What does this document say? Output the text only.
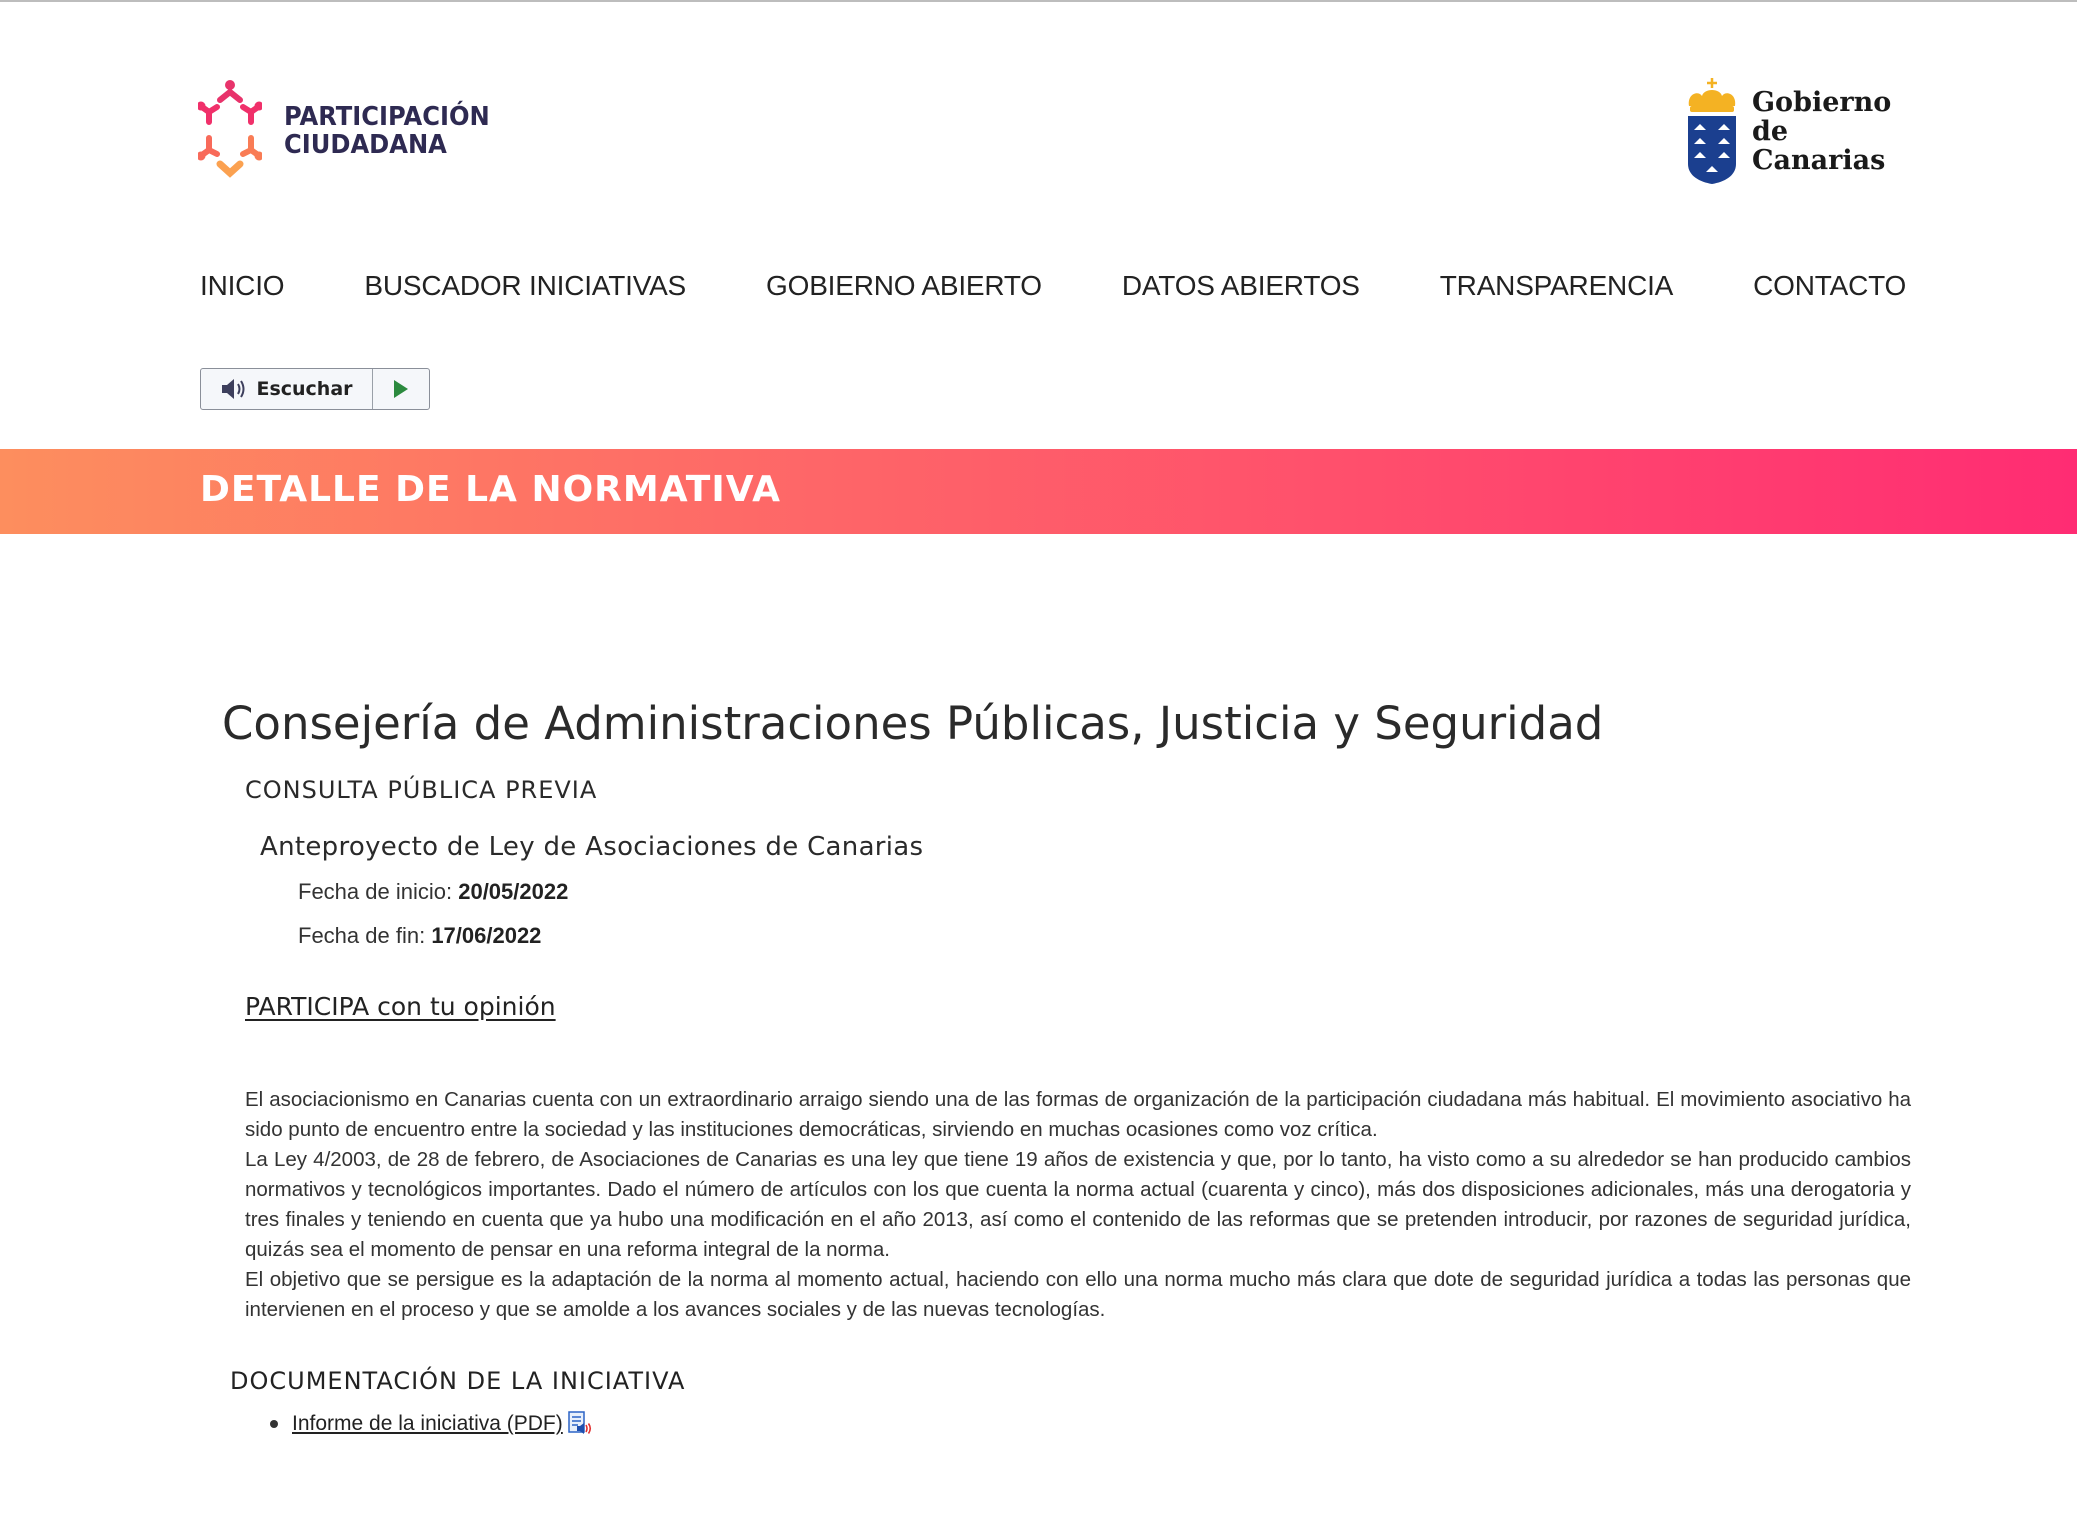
PARTICIPACIÓN
CIUDADANA
Gobierno
de Canarias
INICIO	BUSCADOR INICIATIVAS	GOBIERNO ABIERTO	DATOS ABIERTOS	TRANSPARENCIA	CONTACTO
Escuchar
DETALLE DE LA NORMATIVA
Consejería de Administraciones Públicas, Justicia y Seguridad
CONSULTA PÚBLICA PREVIA
Anteproyecto de Ley de Asociaciones de Canarias
Fecha de inicio: 20/05/2022
Fecha de fin: 17/06/2022
PARTICIPA con tu opinión

El asociacionismo en Canarias cuenta con un extraordinario arraigo siendo una de las formas de organización de la participación ciudadana más habitual. El movimiento asociativo ha sido punto de encuentro entre la sociedad y las instituciones democráticas, sirviendo en muchas ocasiones como voz crítica.

La Ley 4/2003, de 28 de febrero, de Asociaciones de Canarias es una ley que tiene 19 años de existencia y que, por lo tanto, ha visto como a su alrededor se han producido cambios normativos y tecnológicos importantes. Dado el número de artículos con los que cuenta la norma actual (cuarenta y cinco), más dos disposiciones adicionales, más una derogatoria y tres finales y teniendo en cuenta que ya hubo una modificación en el año 2013, así como el contenido de las reformas que se pretenden introducir, por razones de seguridad jurídica, quizás sea el momento de pensar en una reforma integral de la norma.

El objetivo que se persigue es la adaptación de la norma al momento actual, haciendo con ello una norma mucho más clara que dote de seguridad jurídica a todas las personas que intervienen en el proceso y que se amolde a los avances sociales y de las nuevas tecnologías.

DOCUMENTACIÓN DE LA INICIATIVA
Informe de la iniciativa (PDF)
